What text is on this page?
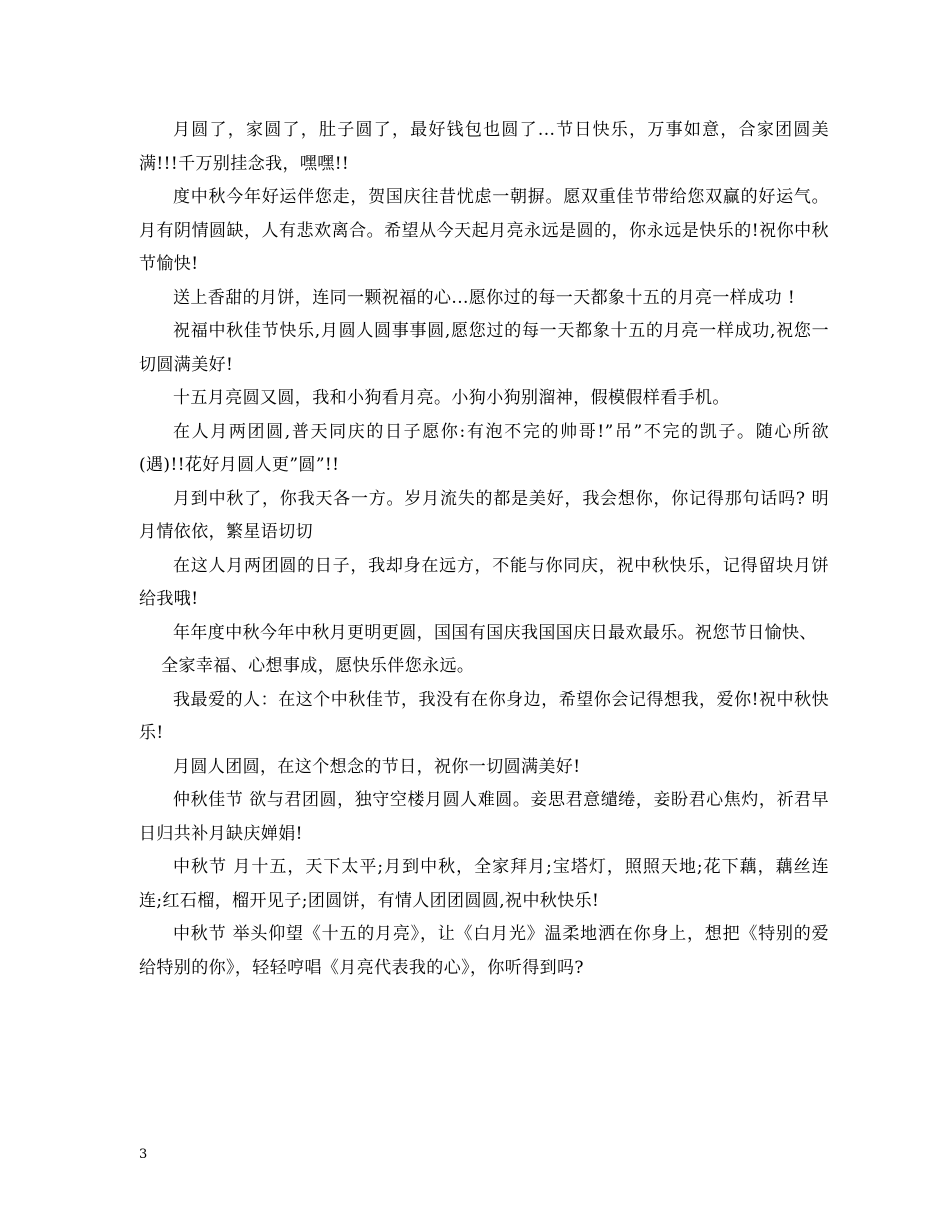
月圆了，家圆了，肚子圆了，最好钱包也圆了...节日快乐，万事如意，合家团圆美满!!!千万别挂念我，嘿嘿!!

度中秋今年好运伴您走，贺国庆往昔忧虑一朝摒。愿双重佳节带给您双赢的好运气。月有阴情圆缺，人有悲欢离合。希望从今天起月亮永远是圆的，你永远是快乐的!祝你中秋节愉快!

送上香甜的月饼，连同一颗祝福的心...愿你过的每一天都象十五的月亮一样成功 !

祝福中秋佳节快乐,月圆人圆事事圆,愿您过的每一天都象十五的月亮一样成功,祝您一切圆满美好!

十五月亮圆又圆，我和小狗看月亮。小狗小狗别溜神，假模假样看手机。

在人月两团圆,普天同庆的日子愿你:有泡不完的帅哥!”吊”不完的凯子。随心所欲(遇)!!花好月圆人更”圆”!!

月到中秋了，你我天各一方。岁月流失的都是美好，我会想你，你记得那句话吗? 明月情依依，繁星语切切

在这人月两团圆的日子，我却身在远方，不能与你同庆，祝中秋快乐，记得留块月饼给我哦!

年年度中秋今年中秋月更明更圆，国国有国庆我国国庆日最欢最乐。祝您节日愉快、

全家幸福、心想事成，愿快乐伴您永远。

我最爱的人：在这个中秋佳节，我没有在你身边，希望你会记得想我，爱你!祝中秋快乐!

月圆人团圆，在这个想念的节日，祝你一切圆满美好!

仲秋佳节 欲与君团圆，独守空楼月圆人难圆。妾思君意缱绻，妾盼君心焦灼，祈君早日归共补月缺庆婵娟!

中秋节 月十五，天下太平;月到中秋，全家拜月;宝塔灯，照照天地;花下藕，藕丝连连;红石榴，榴开见子;团圆饼，有情人团团圆圆,祝中秋快乐!

中秋节 举头仰望《十五的月亮》，让《白月光》温柔地洒在你身上，想把《特别的爱给特别的你》，轻轻哼唱《月亮代表我的心》，你听得到吗?

3
